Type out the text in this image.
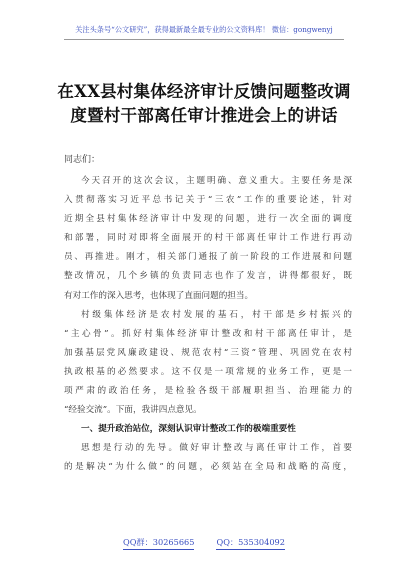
关注头条号“公文研究”，获得最新最全最专业的公文资料库！ 微信：gongwenyj
在XX县村集体经济审计反馈问题整改调
度暨村干部离任审计推进会上的讲话
同志们：
今天召开的这次会议，主题明确、意义重大。主要任务是深
入贯彻落实习近平总书记关于“三农”工作的重要论述，针对
近期全县村集体经济审计中发现的问题，进行一次全面的调度
和部署，同时对即将全面展开的村干部离任审计工作进行再动
员、再推进。刚才，相关部门通报了前一阶段的工作进展和问题
整改情况，几个乡镇的负责同志也作了发言，讲得都很好，既
有对工作的深入思考，也体现了直面问题的担当。
村级集体经济是农村发展的基石，村干部是乡村振兴的
“主心骨”。抓好村集体经济审计整改和村干部离任审计，是
加强基层党风廉政建设、规范农村“三资”管理、巩固党在农村
执政根基的必然要求。这不仅是一项常规的业务工作，更是一
项严肃的政治任务，是检验各级干部履职担当、治理能力的
“经验交流”。下面，我讲四点意见。
一、提升政治站位，深刻认识审计整改工作的极端重要性
思想是行动的先导。做好审计整改与离任审计工作，首要
的是解决“为什么做”的问题，必须站在全局和战略的高度，
QQ群：30265665	QQ：535304092
